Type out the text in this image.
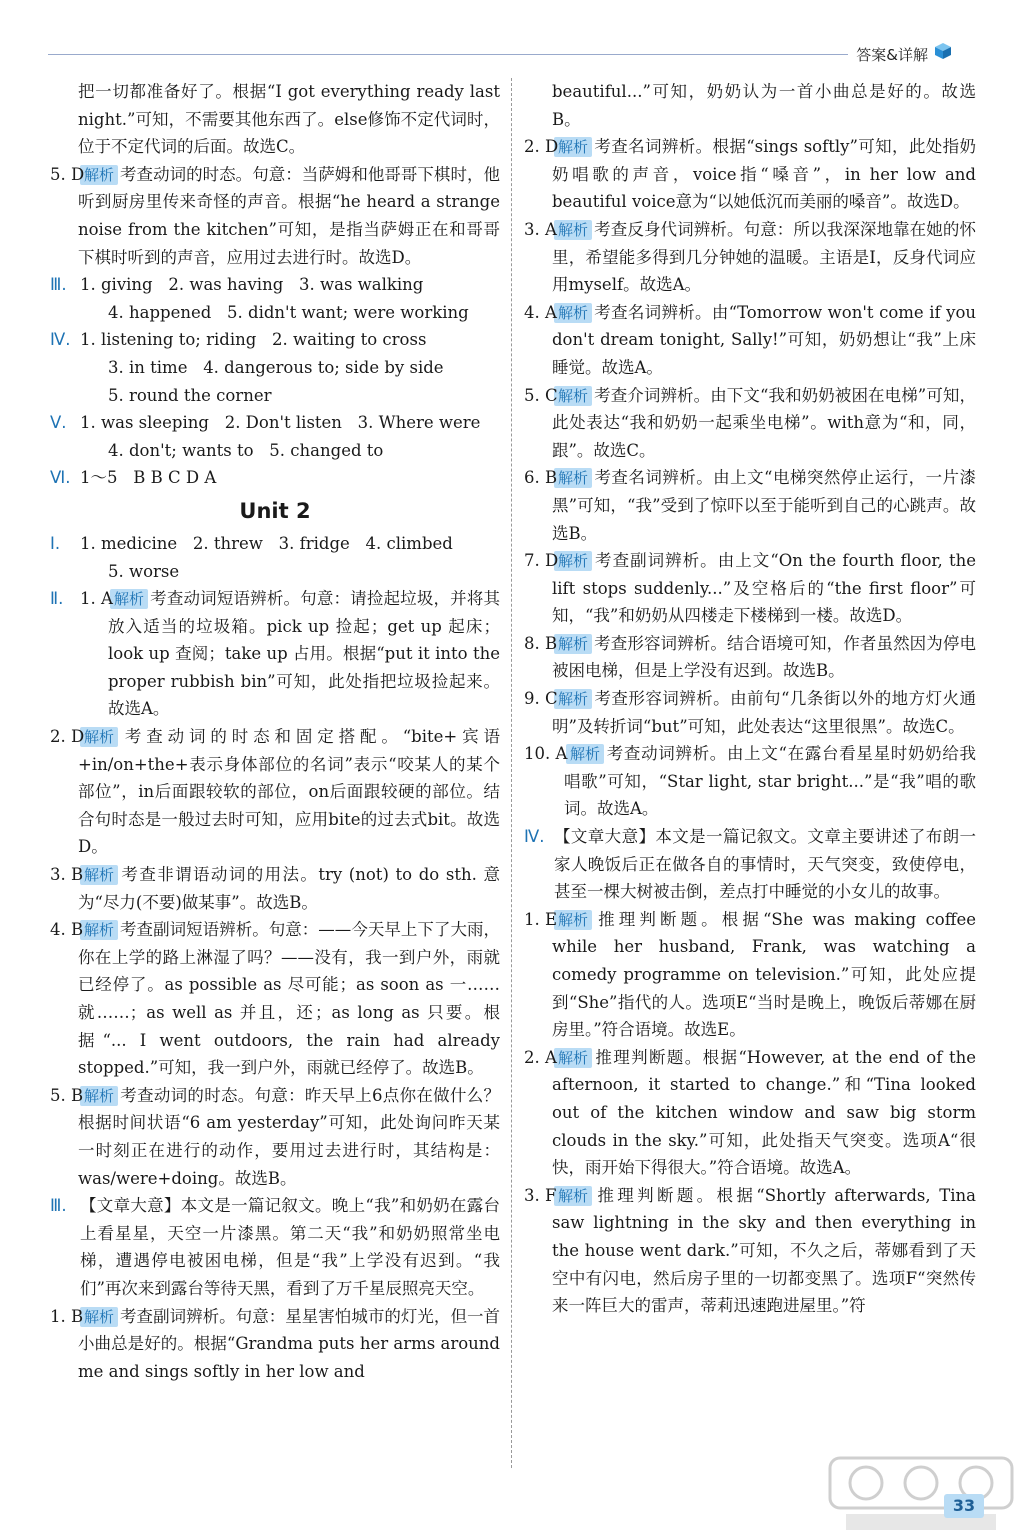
答案&详解
把一切都准备好了。根据“I got everything ready last night.”可知，不需要其他东西了。else修饰不定代词时，位于不定代词的后面。故选C。
5. D 解析 考查动词的时态。句意：当萨姆和他哥哥下棋时，他听到厨房里传来奇怪的声音。根据“he heard a strange noise from the kitchen”可知，是指当萨姆正在和哥哥下棋时听到的声音，应用过去进行时。故选D。
Ⅲ. 1. giving   2. was having   3. was walking
4. happened   5. didn't want; were working
Ⅳ. 1. listening to; riding   2. waiting to cross
3. in time   4. dangerous to; side by side
5. round the corner
Ⅴ. 1. was sleeping   2. Don't listen   3. Where were
4. don't; wants to   5. changed to
Ⅵ. 1～5   B B C D A
Unit 2
Ⅰ. 1. medicine   2. threw   3. fridge   4. climbed
5. worse
Ⅱ. 1. A 解析 考查动词短语辨析。句意：请捡起垃圾，并将其放入适当的垃圾箱。pick up 捡起；get up 起床；look up 查阅；take up 占用。根据“put it into the proper rubbish bin”可知，此处指把垃圾捡起来。故选A。
2. D 解析 考查动词的时态和固定搭配。“bite+宾语+in/on+the+表示身体部位的名词”表示“咬某人的某个部位”，in后面跟较软的部位，on后面跟较硬的部位。结合句时态是一般过去时可知，应用bite的过去式bit。故选D。
3. B 解析 考查非谓语动词的用法。try (not) to do sth. 意为“尽力(不要)做某事”。故选B。
4. B 解析 考查副词短语辨析。句意：——今天早上下了大雨，你在上学的路上淋湿了吗？——没有，我一到户外，雨就已经停了。as possible as 尽可能；as soon as 一……就……；as well as 并且，还；as long as 只要。根据“... I went outdoors, the rain had already stopped.”可知，我一到户外，雨就已经停了。故选B。
5. B 解析 考查动词的时态。句意：昨天早上6点你在做什么？根据时间状语“6 am yesterday”可知，此处询问昨天某一时刻正在进行的动作，要用过去进行时，其结构是：was/were+doing。故选B。
Ⅲ. 【文章大意】本文是一篇记叙文。晚上“我”和奶奶在露台上看星星，天空一片漆黑。第二天“我”和奶奶照常坐电梯，遭遇停电被困电梯，但是“我”上学没有迟到。“我们”再次来到露台等待天黑，看到了万千星辰照亮天空。
1. B 解析 考查副词辨析。句意：星星害怕城市的灯光，但一首小曲总是好的。根据“Grandma puts her arms around me and sings softly in her low and
beautiful...”可知，奶奶认为一首小曲总是好的。故选B。
2. D 解析 考查名词辨析。根据“sings softly”可知，此处指奶奶唱歌的声音，voice指“嗓音”，in her low and beautiful voice意为“以她低沉而美丽的嗓音”。故选D。
3. A 解析 考查反身代词辨析。句意：所以我深深地靠在她的怀里，希望能多得到几分钟她的温暖。主语是I，反身代词应用myself。故选A。
4. A 解析 考查名词辨析。由“Tomorrow won't come if you don't dream tonight, Sally!”可知，奶奶想让“我”上床睡觉。故选A。
5. C 解析 考查介词辨析。由下文“我和奶奶被困在电梯”可知，此处表达“我和奶奶一起乘坐电梯”。with意为“和，同，跟”。故选C。
6. B 解析 考查名词辨析。由上文“电梯突然停止运行，一片漆黑”可知，“我”受到了惊吓以至于能听到自己的心跳声。故选B。
7. D 解析 考查副词辨析。由上文“On the fourth floor, the lift stops suddenly...”及空格后的“the first floor”可知，“我”和奶奶从四楼走下楼梯到一楼。故选D。
8. B 解析 考查形容词辨析。结合语境可知，作者虽然因为停电被困电梯，但是上学没有迟到。故选B。
9. C 解析 考查形容词辨析。由前句“几条街以外的地方灯火通明”及转折词“but”可知，此处表达“这里很黑”。故选C。
10. A 解析 考查动词辨析。由上文“在露台看星星时奶奶给我唱歌”可知，“Star light, star bright...”是“我”唱的歌词。故选A。
Ⅳ. 【文章大意】本文是一篇记叙文。文章主要讲述了布朗一家人晚饭后正在做各自的事情时，天气突变，致使停电，甚至一棵大树被击倒，差点打中睡觉的小女儿的故事。
1. E 解析 推理判断题。根据“She was making coffee while her husband, Frank, was watching a comedy programme on television.”可知，此处应提到“She”指代的人。选项E“当时是晚上，晚饭后蒂娜在厨房里。”符合语境。故选E。
2. A 解析 推理判断题。根据“However, at the end of the afternoon, it started to change.”和“Tina looked out of the kitchen window and saw big storm clouds in the sky.”可知，此处指天气突变。选项A“很快，雨开始下得很大。”符合语境。故选A。
3. F 解析 推理判断题。根据“Shortly afterwards, Tina saw lightning in the sky and then everything in the house went dark.”可知，不久之后，蒂娜看到了天空中有闪电，然后房子里的一切都变黑了。选项F“突然传来一阵巨大的雷声，蒂莉迅速跑进屋里。”符
33
